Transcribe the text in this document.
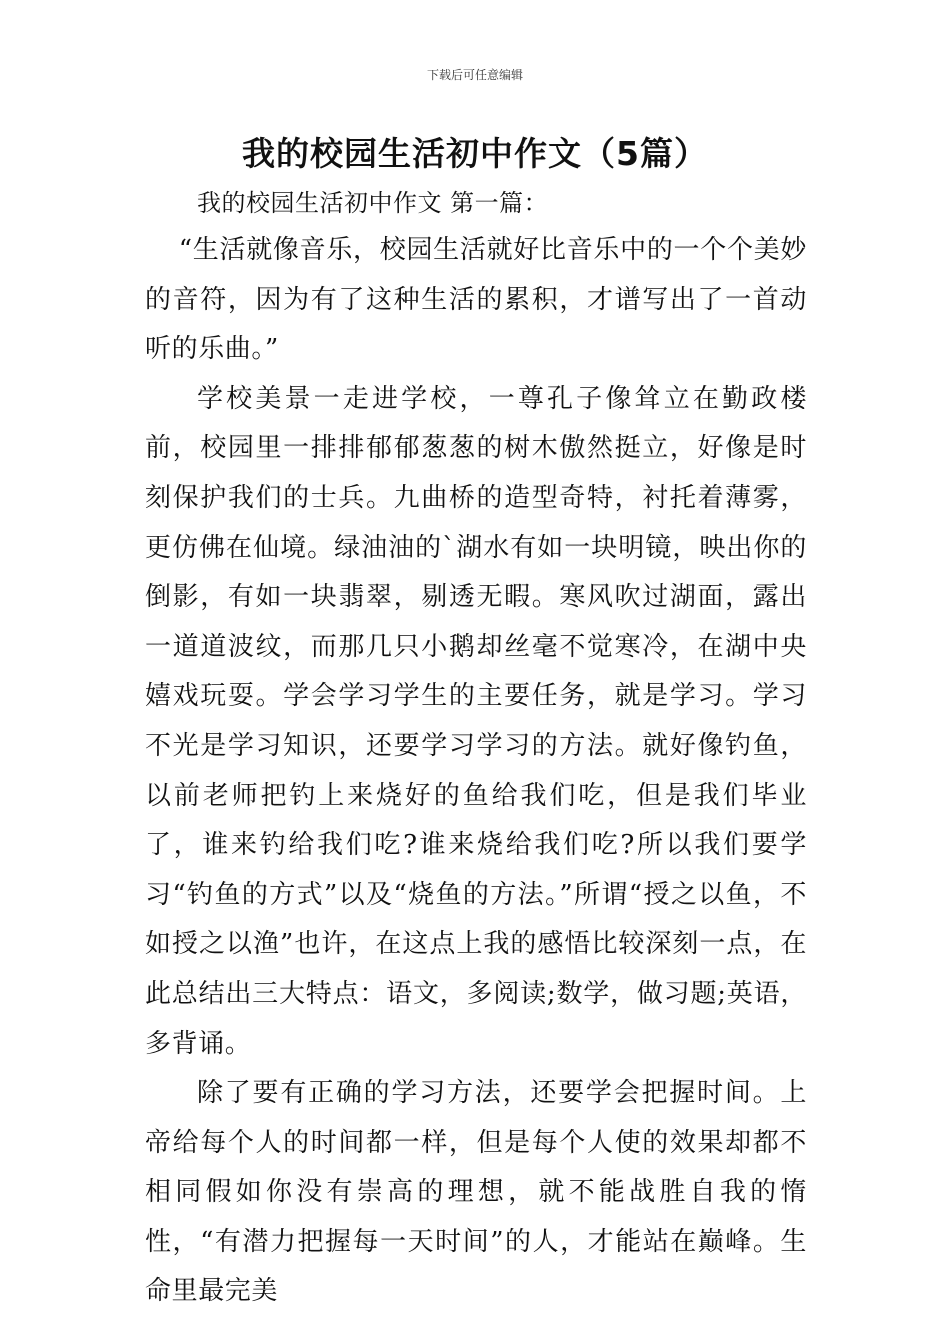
下载后可任意编辑
我的校园生活初中作文（5篇）
我的校园生活初中作文 第一篇：

“生活就像音乐，校园生活就好比音乐中的一个个美妙的音符，因为有了这种生活的累积，才谱写出了一首动听的乐曲。”

学校美景一走进学校，一尊孔子像耸立在勤政楼前，校园里一排排郁郁葱葱的树木傲然挺立，好像是时刻保护我们的士兵。九曲桥的造型奇特，衬托着薄雾，更仿佛在仙境。绿油油的`湖水有如一块明镜，映出你的倒影，有如一块翡翠，剔透无暇。寒风吹过湖面，露出一道道波纹，而那几只小鹅却丝毫不觉寒冷，在湖中央嬉戏玩耍。学会学习学生的主要任务，就是学习。学习不光是学习知识，还要学习学习的方法。就好像钓鱼，以前老师把钓上来烧好的鱼给我们吃，但是我们毕业了，谁来钓给我们吃?谁来烧给我们吃?所以我们要学习“钓鱼的方式”以及“烧鱼的方法。”所谓“授之以鱼，不如授之以渔”也许，在这点上我的感悟比较深刻一点，在此总结出三大特点：语文，多阅读;数学，做习题;英语，多背诵。

除了要有正确的学习方法，还要学会把握时间。上帝给每个人的时间都一样，但是每个人使的效果却都不相同假如你没有崇高的理想，就不能战胜自我的惰性，“有潜力把握每一天时间”的人，才能站在巅峰。生命里最完美
